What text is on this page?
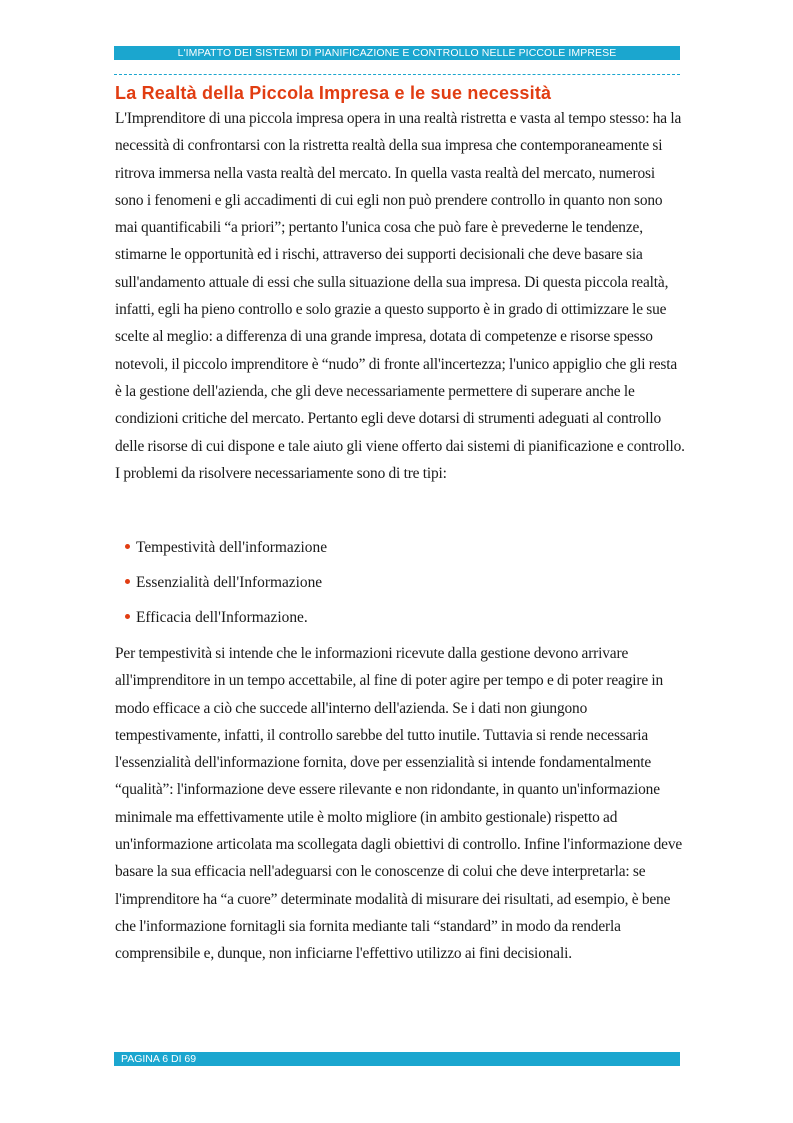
L'IMPATTO DEI SISTEMI DI PIANIFICAZIONE E CONTROLLO NELLE PICCOLE IMPRESE
La Realtà della Piccola Impresa e le sue necessità

L'Imprenditore di una piccola impresa opera in una realtà ristretta e vasta al tempo stesso: ha la necessità di confrontarsi con la ristretta realtà della sua impresa che contemporaneamente si ritrova immersa nella vasta realtà del mercato. In quella vasta realtà del mercato, numerosi sono i fenomeni e gli accadimenti di cui egli non può prendere controllo in quanto non sono mai quantificabili “a priori”; pertanto l'unica cosa che può fare è prevederne le tendenze, stimarne le opportunità ed i rischi, attraverso dei supporti decisionali che deve basare sia sull'andamento attuale di essi che sulla situazione della sua impresa. Di questa piccola realtà, infatti, egli ha pieno controllo e solo grazie a questo supporto è in grado di ottimizzare le sue scelte al meglio: a differenza di una grande impresa, dotata di competenze e risorse spesso notevoli, il piccolo imprenditore è “nudo” di fronte all'incertezza; l'unico appiglio che gli resta è la gestione dell'azienda, che gli deve necessariamente permettere di superare anche le condizioni critiche del mercato. Pertanto egli deve dotarsi di strumenti adeguati al controllo delle risorse di cui dispone e tale aiuto gli viene offerto dai sistemi di pianificazione e controllo. I problemi da risolvere necessariamente sono di tre tipi:

Tempestività dell'informazione
Essenzialità dell'Informazione
Efficacia dell'Informazione.

Per tempestività si intende che le informazioni ricevute dalla gestione devono arrivare all'imprenditore in un tempo accettabile, al fine di poter agire per tempo e di poter reagire in modo efficace a ciò che succede all'interno dell'azienda. Se i dati non giungono tempestivamente, infatti, il controllo sarebbe del tutto inutile. Tuttavia si rende necessaria l'essenzialità dell'informazione fornita, dove per essenzialità si intende fondamentalmente “qualità”: l'informazione deve essere rilevante e non ridondante, in quanto un'informazione minimale ma effettivamente utile è molto migliore (in ambito gestionale) rispetto ad un'informazione articolata ma scollegata dagli obiettivi di controllo. Infine l'informazione deve basare la sua efficacia nell'adeguarsi con le conoscenze di colui che deve interpretarla: se l'imprenditore ha “a cuore” determinate modalità di misurare dei risultati, ad esempio, è bene che l'informazione fornitagli sia fornita mediante tali “standard” in modo da renderla comprensibile e, dunque, non inficiarne l'effettivo utilizzo ai fini decisionali.

PAGINA 6 DI 69
